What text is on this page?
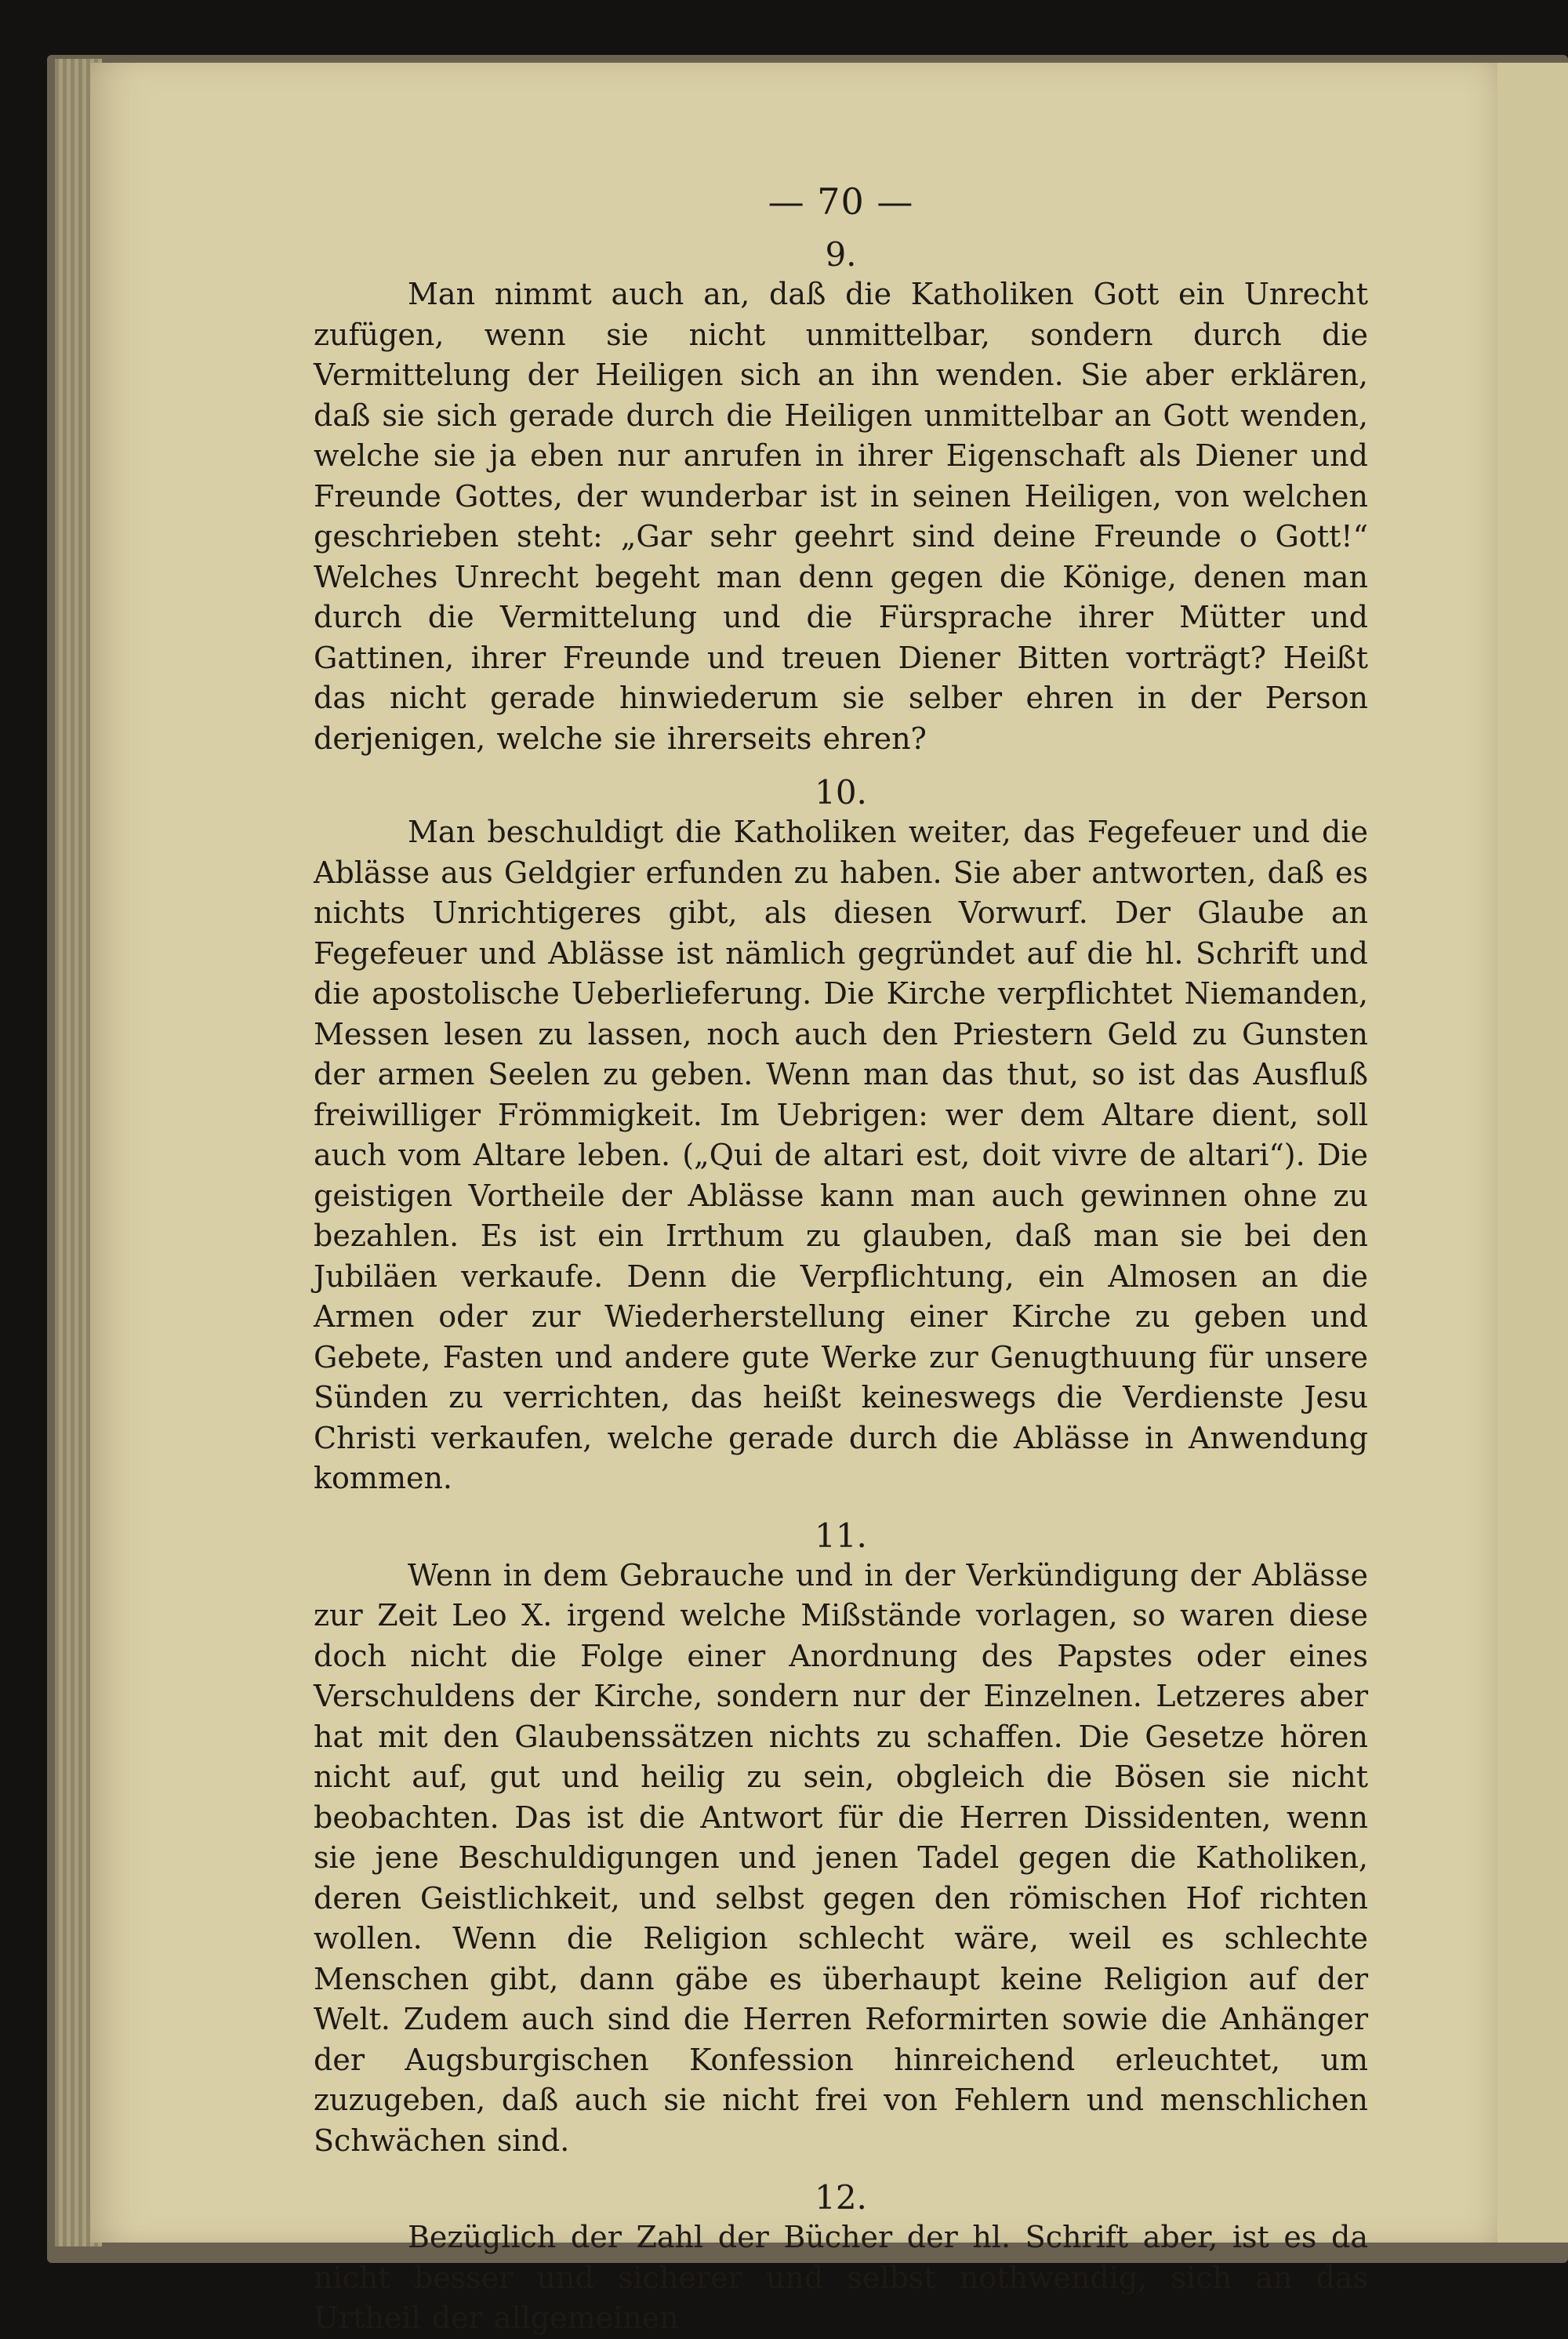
— 70 —
9.

Man nimmt auch an, daß die Katholiken Gott ein Unrecht zufügen, wenn sie nicht unmittelbar, sondern durch die Vermittelung der Heiligen sich an ihn wenden. Sie aber erklären, daß sie sich gerade durch die Heiligen unmittelbar an Gott wenden, welche sie ja eben nur anrufen in ihrer Eigenschaft als Diener und Freunde Gottes, der wunderbar ist in seinen Heiligen, von welchen geschrieben steht: „Gar sehr geehrt sind deine Freunde o Gott!“ Welches Unrecht begeht man denn gegen die Könige, denen man durch die Vermittelung und die Fürsprache ihrer Mütter und Gattinen, ihrer Freunde und treuen Diener Bitten vorträgt? Heißt das nicht gerade hinwiederum sie selber ehren in der Person derjenigen, welche sie ihrerseits ehren?

10.

Man beschuldigt die Katholiken weiter, das Fegefeuer und die Ablässe aus Geldgier erfunden zu haben. Sie aber antworten, daß es nichts Unrichtigeres gibt, als diesen Vorwurf. Der Glaube an Fegefeuer und Ablässe ist nämlich gegründet auf die hl. Schrift und die apostolische Ueberlieferung. Die Kirche verpflichtet Niemanden, Messen lesen zu lassen, noch auch den Priestern Geld zu Gunsten der armen Seelen zu geben. Wenn man das thut, so ist das Ausfluß freiwilliger Frömmigkeit. Im Uebrigen: wer dem Altare dient, soll auch vom Altare leben. („Qui de altari est, doit vivre de altari“). Die geistigen Vortheile der Ablässe kann man auch gewinnen ohne zu bezahlen. Es ist ein Irrthum zu glauben, daß man sie bei den Jubiläen verkaufe. Denn die Verpflichtung, ein Almosen an die Armen oder zur Wiederherstellung einer Kirche zu geben und Gebete, Fasten und andere gute Werke zur Genugthuung für unsere Sünden zu verrichten, das heißt keineswegs die Verdienste Jesu Christi verkaufen, welche gerade durch die Ablässe in Anwendung kommen.

11.

Wenn in dem Gebrauche und in der Verkündigung der Ablässe zur Zeit Leo X. irgend welche Mißstände vorlagen, so waren diese doch nicht die Folge einer Anordnung des Papstes oder eines Verschuldens der Kirche, sondern nur der Einzelnen. Letzeres aber hat mit den Glaubenssätzen nichts zu schaffen. Die Gesetze hören nicht auf, gut und heilig zu sein, obgleich die Bösen sie nicht beobachten. Das ist die Antwort für die Herren Dissidenten, wenn sie jene Beschuldigungen und jenen Tadel gegen die Katholiken, deren Geistlichkeit, und selbst gegen den römischen Hof richten wollen. Wenn die Religion schlecht wäre, weil es schlechte Menschen gibt, dann gäbe es überhaupt keine Religion auf der Welt. Zudem auch sind die Herren Reformirten sowie die Anhänger der Augsburgischen Konfession hinreichend erleuchtet, um zuzugeben, daß auch sie nicht frei von Fehlern und menschlichen Schwächen sind.

12.

Bezüglich der Zahl der Bücher der hl. Schrift aber, ist es da nicht besser und sicherer und selbst nothwendig, sich an das Urtheil der allgemeinen
